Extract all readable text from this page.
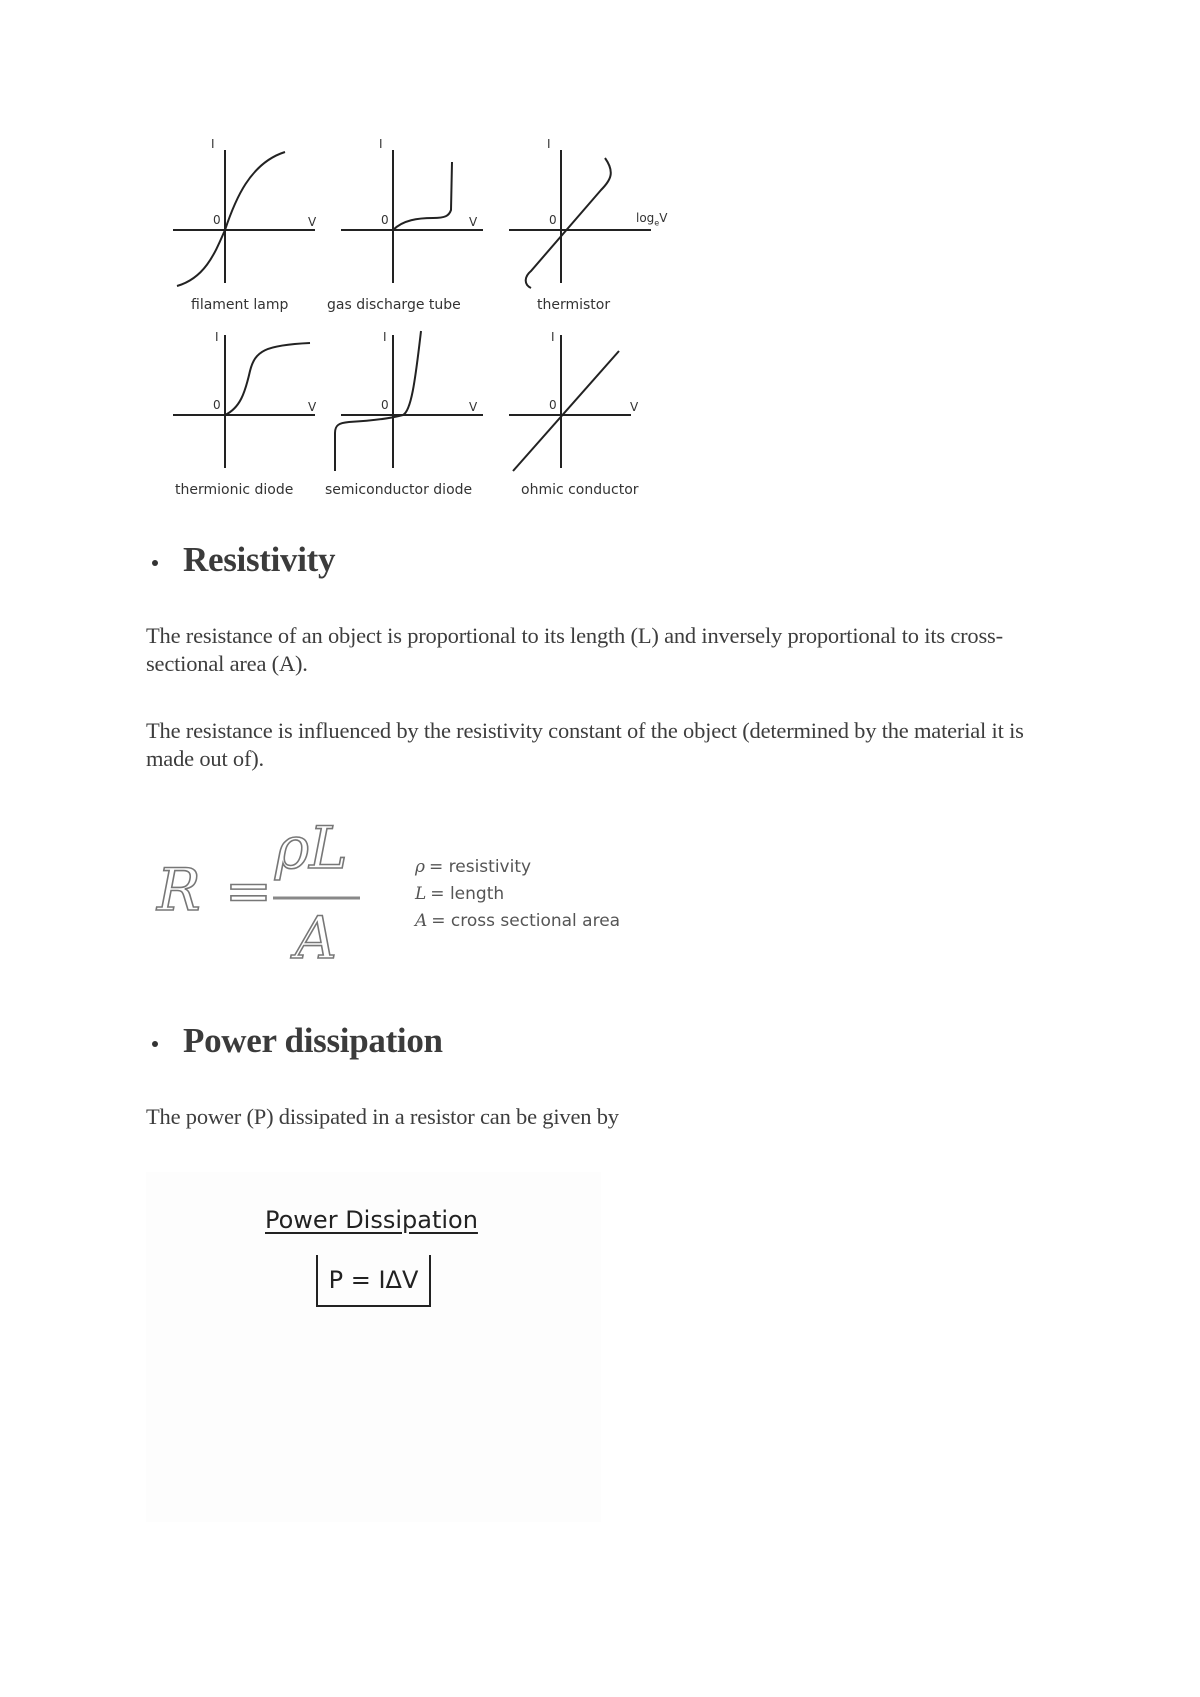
I
0	V
filament lamp
I
0	V
gas discharge tube
I
0	$\log_eV$
thermistor
I
0	V
thermionic diode
I
0	V
semiconductor diode
I
0	V
ohmic conductor
Resistivity

The resistance of an object is proportional to its length (L) and inversely proportional to its cross-sectional area (A).

The resistance is influenced by the resistivity constant of the object (determined by the material it is made out of).

R =
ρL
A
ρ = resistivity
L = length
A = cross sectional area
Power dissipation

The power (P) dissipated in a resistor can be given by

Power Dissipation
P = IΔV
